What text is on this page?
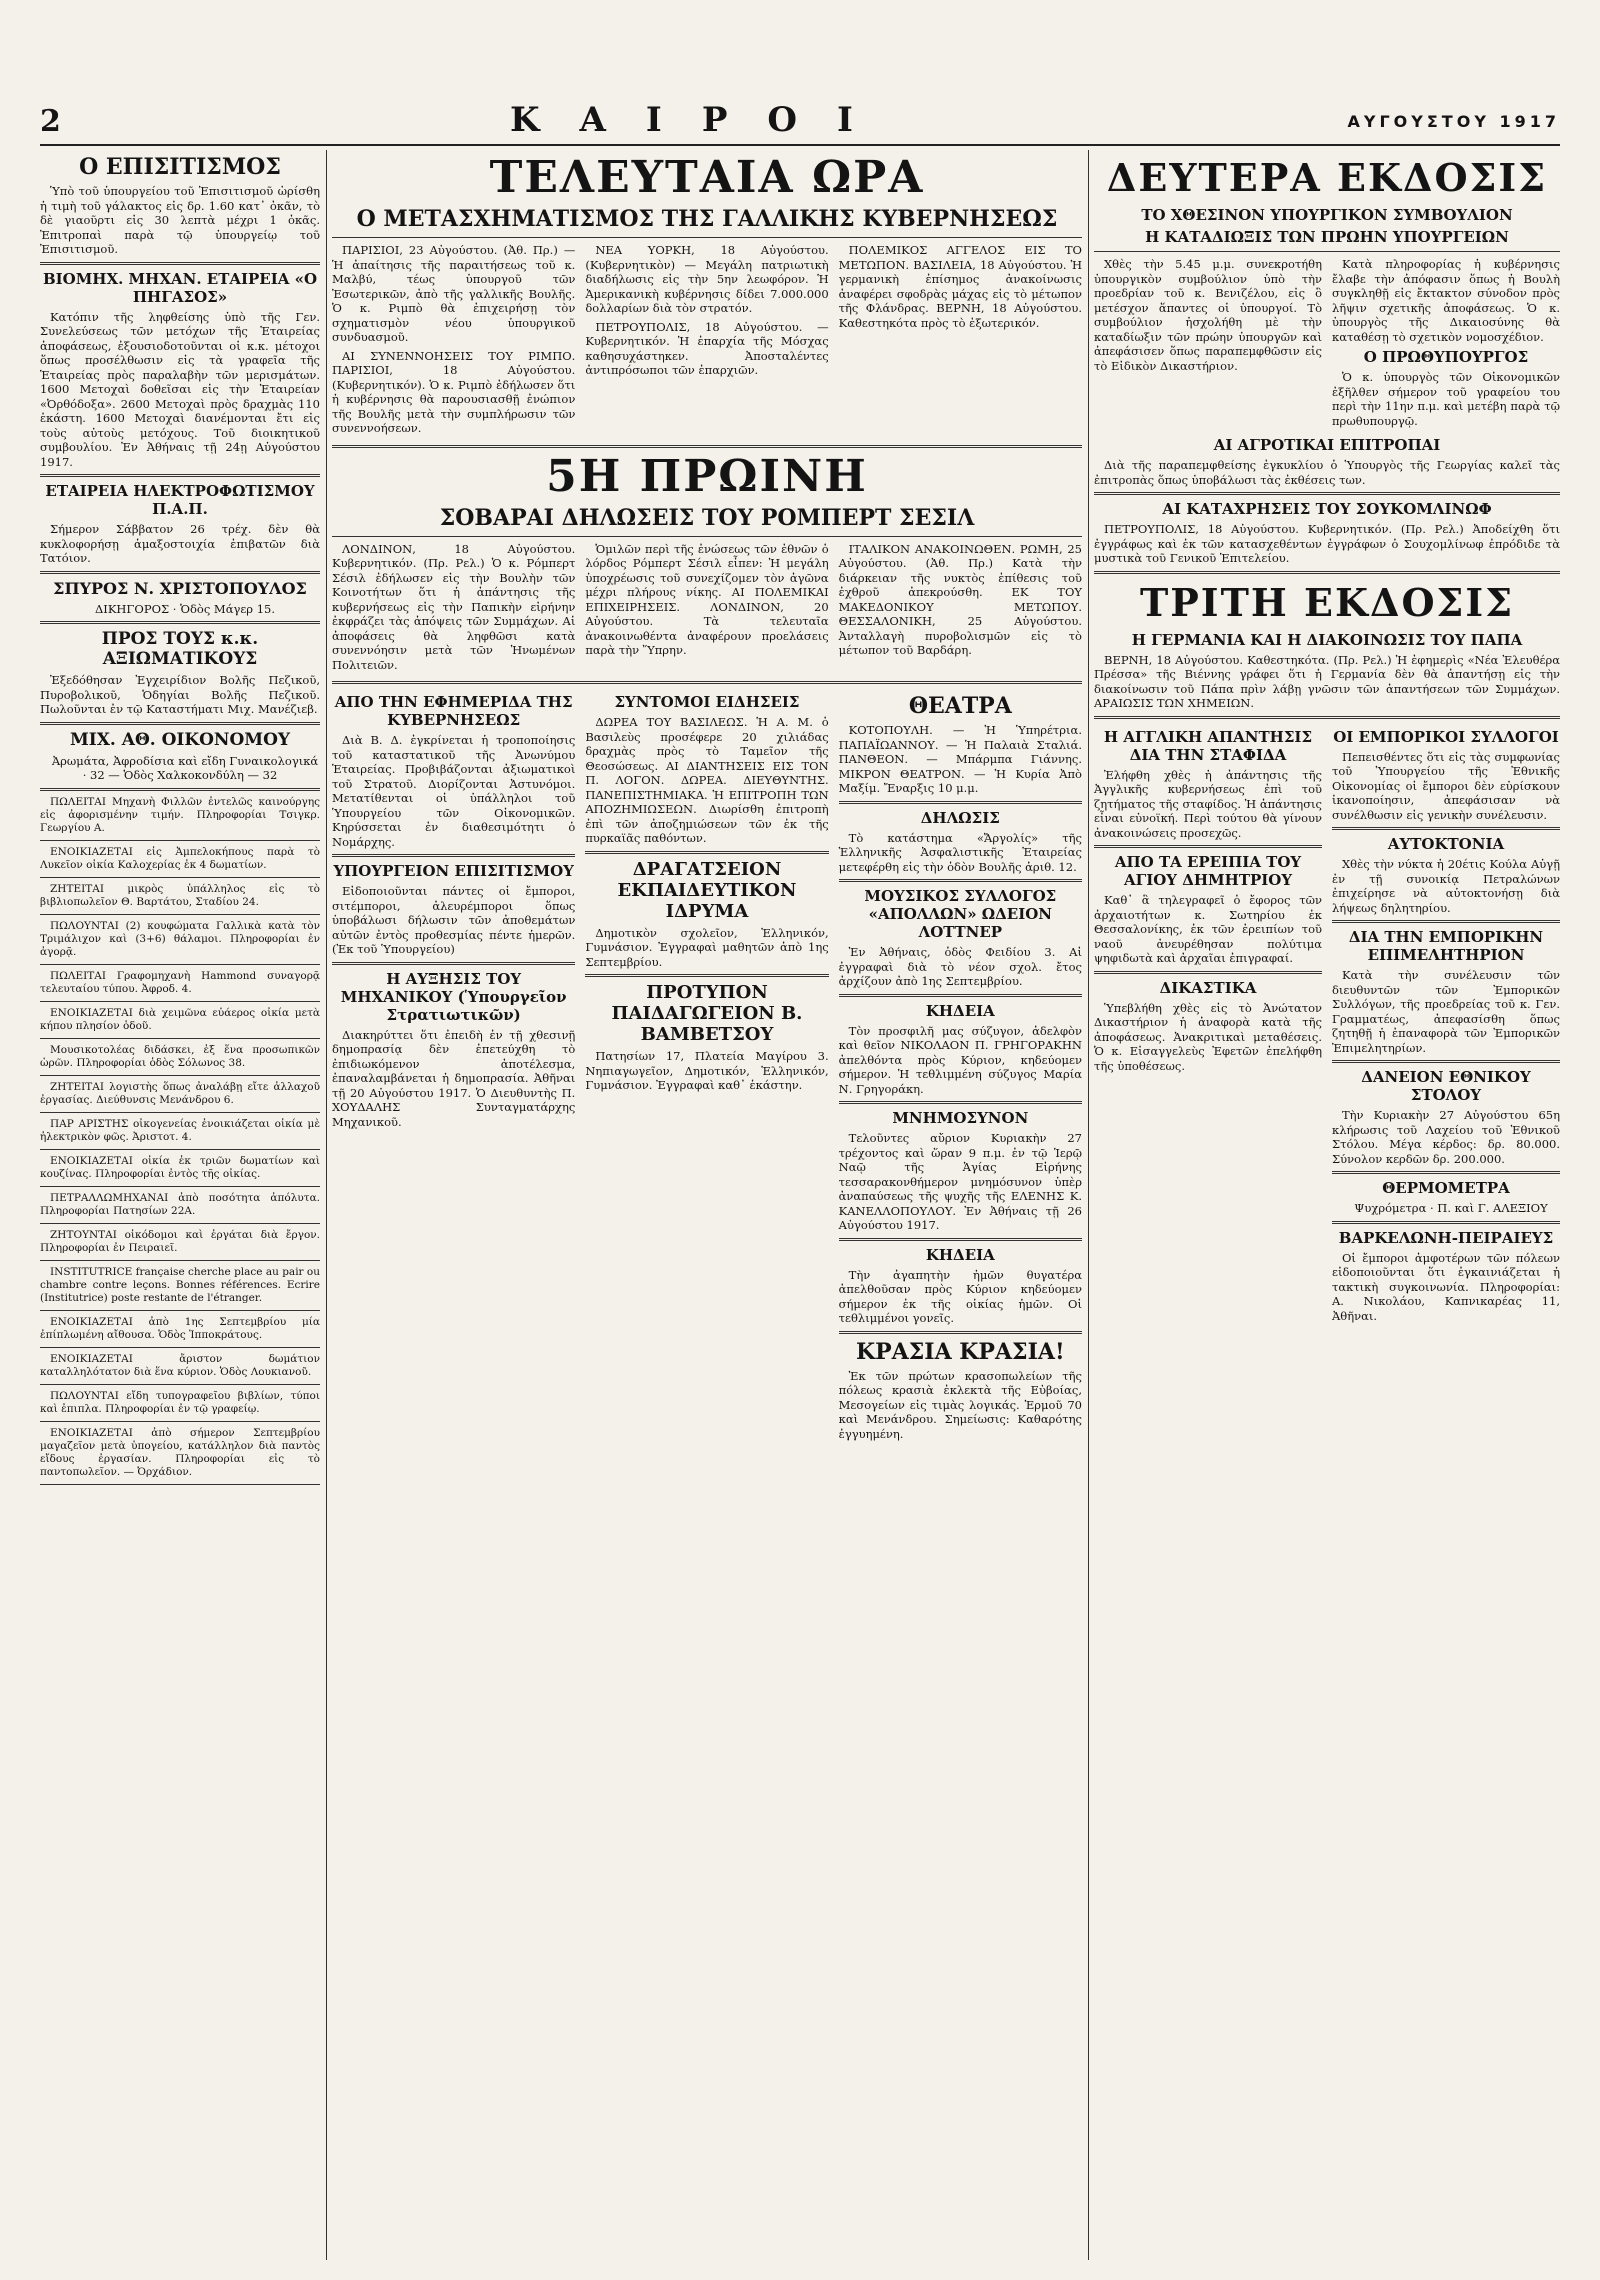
2	ΚΑΙΡΟΙ	ΑΥΓΟΥΣΤΟΥ 1917
Ο ΕΠΙΣΙΤΙΣΜΟΣ

Ὑπὸ τοῦ ὑπουργείου τοῦ Ἐπισιτισμοῦ ὡρίσθη ἡ τιμὴ τοῦ γάλακτος εἰς δρ. 1.60 κατ᾽ ὀκᾶν, τὸ δὲ γιαοῦρτι εἰς 30 λεπτὰ μέχρι 1 ὀκᾶς. Ἐπιτροπαὶ παρὰ τῷ ὑπουργείῳ τοῦ Ἐπισιτισμοῦ.

ΒΙΟΜΗΧ. ΜΗΧΑΝ. ΕΤΑΙΡΕΙΑ «Ο ΠΗΓΑΣΟΣ»

Κατόπιν τῆς ληφθείσης ὑπὸ τῆς Γεν. Συνελεύσεως τῶν μετόχων τῆς Ἑταιρείας ἀποφάσεως, ἐξουσιοδοτοῦνται οἱ κ.κ. μέτοχοι ὅπως προσέλθωσιν εἰς τὰ γραφεῖα τῆς Ἑταιρείας πρὸς παραλαβὴν τῶν μερισμάτων. 1600 Μετοχαὶ δοθεῖσαι εἰς τὴν Ἑταιρείαν «Ὀρθόδοξα». 2600 Μετοχαὶ πρὸς δραχμὰς 110 ἑκάστη. 1600 Μετοχαὶ διανέμονται ἔτι εἰς τοὺς αὐτοὺς μετόχους. Τοῦ διοικητικοῦ συμβουλίου. Ἐν Ἀθήναις τῇ 24ῃ Αὐγούστου 1917.

ΕΤΑΙΡΕΙΑ ΗΛΕΚΤΡΟΦΩΤΙΣΜΟΥ Π.Α.Π.

Σήμερον Σάββατον 26 τρέχ. δὲν θὰ κυκλοφορήσῃ ἁμαξοστοιχία ἐπιβατῶν διὰ Τατόιον.

ΣΠΥΡΟΣ Ν. ΧΡΙΣΤΟΠΟΥΛΟΣ

ΔΙΚΗΓΟΡΟΣ · Ὁδὸς Μάγερ 15.

ΠΡΟΣ ΤΟΥΣ κ.κ. ΑΞΙΩΜΑΤΙΚΟΥΣ

Ἐξεδόθησαν Ἐγχειρίδιον Βολῆς Πεζικοῦ, Πυροβολικοῦ, Ὁδηγίαι Βολῆς Πεζικοῦ. Πωλοῦνται ἐν τῷ Καταστήματι Μιχ. Μανέζιεβ.

ΜΙΧ. ΑΘ. ΟΙΚΟΝΟΜΟΥ

Ἀρωμάτα, Ἀφροδίσια καὶ εἴδη Γυναικολογικά · 32 — Ὁδὸς Χαλκοκονδύλη — 32

ΠΩΛΕΙΤΑΙ Μηχανὴ Φιλλῶν ἐντελῶς καινούργης εἰς ἀφορισμένην τιμήν. Πληροφορίαι Τσιγκρ. Γεωργίου Α.

ΕΝΟΙΚΙΑΖΕΤΑΙ εἰς Ἀμπελοκήπους παρὰ τὸ Λυκεῖον οἰκία Καλοχερίας ἐκ 4 δωματίων.

ΖΗΤΕΙΤΑΙ μικρὸς ὑπάλληλος εἰς τὸ βιβλιοπωλεῖον Θ. Βαρτάτου, Σταδίου 24.

ΠΩΛΟΥΝΤΑΙ (2) κουφώματα Γαλλικὰ κατὰ τὸν Τριμάλιχον καὶ (3+6) θάλαμοι. Πληροφορίαι ἐν ἀγορᾷ.

ΠΩΛΕΙΤΑΙ Γραφομηχανὴ Hammond συναγορᾷ τελευταίου τύπου. Ἀφροδ. 4.

ΕΝΟΙΚΙΑΖΕΤΑΙ διὰ χειμῶνα εὐάερος οἰκία μετὰ κήπου πλησίον ὁδοῦ.

Μουσικοτολέας διδάσκει, ἐξ ἕνα προσωπικῶν ὡρῶν. Πληροφορίαι ὁδὸς Σόλωνος 38.

ΖΗΤΕΙΤΑΙ λογιστὴς ὅπως ἀναλάβῃ εἴτε ἀλλαχοῦ ἐργασίας. Διεύθυνσις Μενάνδρου 6.

ΠΑΡ ΑΡΙΣΤΗΣ οἰκογενείας ἐνοικιάζεται οἰκία μὲ ἠλεκτρικὸν φῶς. Ἀριστοτ. 4.

ΕΝΟΙΚΙΑΖΕΤΑΙ οἰκία ἐκ τριῶν δωματίων καὶ κουζίνας. Πληροφορίαι ἐντὸς τῆς οἰκίας.

ΠΕΤΡΑΛΛΩΜΗΧΑΝΑΙ ἀπὸ ποσότητα ἀπόλυτα. Πληροφορίαι Πατησίων 22Α.

ΖΗΤΟΥΝΤΑΙ οἰκόδομοι καὶ ἐργάται διὰ ἔργον. Πληροφορίαι ἐν Πειραιεῖ.

INSTITUTRICE française cherche place au pair ou chambre contre leçons. Bonnes références. Ecrire (Institutrice) poste restante de l'étranger.

ΕΝΟΙΚΙΑΖΕΤΑΙ ἀπὸ 1ης Σεπτεμβρίου μία ἐπίπλωμένη αἴθουσα. Ὁδὸς Ἱπποκράτους.

ΕΝΟΙΚΙΑΖΕΤΑΙ ἄριστον δωμάτιον καταλληλότατον διὰ ἕνα κύριον. Ὁδὸς Λουκιανοῦ.

ΠΩΛΟΥΝΤΑΙ εἴδη τυπογραφεῖου βιβλίων, τύποι καὶ ἐπιπλα. Πληροφορίαι ἐν τῷ γραφείῳ.

ΕΝΟΙΚΙΑΖΕΤΑΙ ἀπὸ σήμερον Σεπτεμβρίου μαγαζεῖον μετὰ ὑπογείου, κατάλληλον διὰ παντὸς εἴδους ἐργασίαν. Πληροφορίαι εἰς τὸ παντοπωλεῖον. — Ὀρχάδιον.

ΤΕΛΕΥΤΑΙΑ ΩΡΑ
Ο ΜΕΤΑΣΧΗΜΑΤΙΣΜΟΣ ΤΗΣ ΓΑΛΛΙΚΗΣ ΚΥΒΕΡΝΗΣΕΩΣ

ΠΑΡΙΣΙΟΙ, 23 Αὐγούστου. (Ἀθ. Πρ.) — Ἡ ἀπαίτησις τῆς παραιτήσεως τοῦ κ. Μαλβύ, τέως ὑπουργοῦ τῶν Ἐσωτερικῶν, ἀπὸ τῆς γαλλικῆς Βουλῆς. Ὁ κ. Ριμπὸ θὰ ἐπιχειρήσῃ τὸν σχηματισμὸν νέου ὑπουργικοῦ συνδυασμοῦ.

ΑΙ ΣΥΝΕΝΝΟΗΣΕΙΣ ΤΟΥ ΡΙΜΠΟ. ΠΑΡΙΣΙΟΙ, 18 Αὐγούστου. (Κυβερνητικόν). Ὁ κ. Ριμπὸ ἐδήλωσεν ὅτι ἡ κυβέρνησις θὰ παρουσιασθῇ ἐνώπιον τῆς Βουλῆς μετὰ τὴν συμπλήρωσιν τῶν συνεννοήσεων.

ΝΕΑ ΥΟΡΚΗ, 18 Αὐγούστου. (Κυβερνητικὸν) — Μεγάλη πατριωτικὴ διαδήλωσις εἰς τὴν 5ην λεωφόρον. Ἡ Ἀμερικανικὴ κυβέρνησις δίδει 7.000.000 δολλαρίων διὰ τὸν στρατόν.

ΠΕΤΡΟΥΠΟΛΙΣ, 18 Αὐγούστου. — Κυβερνητικόν. Ἡ ἐπαρχία τῆς Μόσχας καθησυχάστηκεν. Ἀποσταλέντες ἀντιπρόσωποι τῶν ἐπαρχιῶν.

ΠΟΛΕΜΙΚΟΣ ΑΓΓΕΛΟΣ ΕΙΣ ΤΟ ΜΕΤΩΠΟΝ. ΒΑΣΙΛΕΙΑ, 18 Αὐγούστου. Ἡ γερμανικὴ ἐπίσημος ἀνακοίνωσις ἀναφέρει σφοδρὰς μάχας εἰς τὸ μέτωπον τῆς Φλάνδρας. ΒΕΡΝΗ, 18 Αὐγούστου. Καθεστηκότα πρὸς τὸ ἐξωτερικόν.

5Η ΠΡΩΙΝΗ
ΣΟΒΑΡΑΙ ΔΗΛΩΣΕΙΣ ΤΟΥ ΡΟΜΠΕΡΤ ΣΕΣΙΛ

ΛΟΝΔΙΝΟΝ, 18 Αὐγούστου. Κυβερνητικόν. (Πρ. Ρελ.) Ὁ κ. Ρόμπερτ Σέσιλ ἐδήλωσεν εἰς τὴν Βουλὴν τῶν Κοινοτήτων ὅτι ἡ ἀπάντησις τῆς κυβερνήσεως εἰς τὴν Παπικὴν εἰρήνην ἐκφράζει τὰς ἀπόψεις τῶν Συμμάχων. Αἱ ἀποφάσεις θὰ ληφθῶσι κατὰ συνεννόησιν μετὰ τῶν Ἡνωμένων Πολιτειῶν.

Ὁμιλῶν περὶ τῆς ἐνώσεως τῶν ἐθνῶν ὁ λόρδος Ρόμπερτ Σέσιλ εἶπεν: Ἡ μεγάλη ὑποχρέωσις τοῦ συνεχίζομεν τὸν ἀγῶνα μέχρι πλήρους νίκης. ΑΙ ΠΟΛΕΜΙΚΑΙ ΕΠΙΧΕΙΡΗΣΕΙΣ. ΛΟΝΔΙΝΟΝ, 20 Αὐγούστου. Τὰ τελευταῖα ἀνακοινωθέντα ἀναφέρουν προελάσεις παρὰ τὴν Ὕπρην.

ΙΤΑΛΙΚΟΝ ΑΝΑΚΟΙΝΩΘΕΝ. ΡΩΜΗ, 25 Αὐγούστου. (Ἀθ. Πρ.) Κατὰ τὴν διάρκειαν τῆς νυκτὸς ἐπίθεσις τοῦ ἐχθροῦ ἀπεκρούσθη. ΕΚ ΤΟΥ ΜΑΚΕΔΟΝΙΚΟΥ ΜΕΤΩΠΟΥ. ΘΕΣΣΑΛΟΝΙΚΗ, 25 Αὐγούστου. Ἀνταλλαγὴ πυροβολισμῶν εἰς τὸ μέτωπον τοῦ Βαρδάρη.

ΑΠΟ ΤΗΝ ΕΦΗΜΕΡΙΔΑ ΤΗΣ ΚΥΒΕΡΝΗΣΕΩΣ

Διὰ Β. Δ. ἐγκρίνεται ἡ τροποποίησις τοῦ καταστατικοῦ τῆς Ἀνωνύμου Ἑταιρείας. Προβιβάζονται ἀξιωματικοὶ τοῦ Στρατοῦ. Διορίζονται Ἀστυνόμοι. Μετατίθενται οἱ ὑπάλληλοι τοῦ Ὑπουργείου τῶν Οἰκονομικῶν. Κηρύσσεται ἐν διαθεσιμότητι ὁ Νομάρχης.

ΥΠΟΥΡΓΕΙΟΝ ΕΠΙΣΙΤΙΣΜΟΥ

Εἰδοποιοῦνται πάντες οἱ ἔμποροι, σιτέμποροι, ἀλευρέμποροι ὅπως ὑποβάλωσι δήλωσιν τῶν ἀποθεμάτων αὐτῶν ἐντὸς προθεσμίας πέντε ἡμερῶν. (Ἐκ τοῦ Ὑπουργείου)

Η ΑΥΞΗΣΙΣ ΤΟΥ ΜΗΧΑΝΙΚΟΥ (Ὑπουργεῖον Στρατιωτικῶν)

Διακηρύττει ὅτι ἐπειδὴ ἐν τῇ χθεσινῇ δημοπρασίᾳ δὲν ἐπετεύχθη τὸ ἐπιδιωκόμενον ἀποτέλεσμα, ἐπαναλαμβάνεται ἡ δημοπρασία. Ἀθῆναι τῇ 20 Αὐγούστου 1917. Ὁ Διευθυντὴς Π. ΧΟΥΔΑΛΗΣ Συνταγματάρχης Μηχανικοῦ.

ΣΥΝΤΟΜΟΙ ΕΙΔΗΣΕΙΣ

ΔΩΡΕΑ ΤΟΥ ΒΑΣΙΛΕΩΣ. Ἡ Α. Μ. ὁ Βασιλεὺς προσέφερε 20 χιλιάδας δραχμὰς πρὸς τὸ Ταμεῖον τῆς Θεοσώσεως. ΑΙ ΔΙΑΝΤΗΣΕΙΣ ΕΙΣ ΤΟΝ Π. ΛΟΓΟΝ. ΔΩΡΕΑ. ΔΙΕΥΘΥΝΤΗΣ. ΠΑΝΕΠΙΣΤΗΜΙΑΚΑ. Ἡ ΕΠΙΤΡΟΠΗ ΤΩΝ ΑΠΟΖΗΜΙΩΣΕΩΝ. Διωρίσθη ἐπιτροπὴ ἐπὶ τῶν ἀποζημιώσεων τῶν ἐκ τῆς πυρκαϊᾶς παθόντων.

ΔΡΑΓΑΤΣΕΙΟΝ ΕΚΠΑΙΔΕΥΤΙΚΟΝ ΙΔΡΥΜΑ

Δημοτικὸν σχολεῖον, Ἑλληνικόν, Γυμνάσιον. Ἐγγραφαὶ μαθητῶν ἀπὸ 1ης Σεπτεμβρίου.

ΠΡΟΤΥΠΟΝ ΠΑΙΔΑΓΩΓΕΙΟΝ Β. ΒΑΜΒΕΤΣΟΥ

Πατησίων 17, Πλατεία Μαγίρου 3. Νηπιαγωγεῖον, Δημοτικόν, Ἑλληνικόν, Γυμνάσιον. Ἐγγραφαὶ καθ᾽ ἑκάστην.

ΘΕΑΤΡΑ

ΚΟΤΟΠΟΥΛΗ. — Ἡ Ὑπηρέτρια. ΠΑΠΑΪΩΑΝΝΟΥ. — Ἡ Παλαιὰ Σταλιά. ΠΑΝΘΕΟΝ. — Μπάρμπα Γιάννης. ΜΙΚΡΟΝ ΘΕΑΤΡΟΝ. — Ἡ Κυρία Ἀπὸ Μαξίμ. Ἔναρξις 10 μ.μ.

ΔΗΛΩΣΙΣ

Τὸ κατάστημα «Ἄργολίς» τῆς Ἑλληνικῆς Ἀσφαλιστικῆς Ἑταιρείας μετεφέρθη εἰς τὴν ὁδὸν Βουλῆς ἀριθ. 12.

ΜΟΥΣΙΚΟΣ ΣΥΛΛΟΓΟΣ «ΑΠΟΛΛΩΝ» ΩΔΕΙΟΝ ΛΟΤΤΝΕΡ

Ἐν Ἀθήναις, ὁδὸς Φειδίου 3. Αἱ ἐγγραφαὶ διὰ τὸ νέον σχολ. ἔτος ἀρχίζουν ἀπὸ 1ης Σεπτεμβρίου.

ΚΗΔΕΙΑ

Τὸν προσφιλῆ μας σύζυγον, ἀδελφὸν καὶ θεῖον ΝΙΚΟΛΑΟΝ Π. ΓΡΗΓΟΡΑΚΗΝ ἀπελθόντα πρὸς Κύριον, κηδεύομεν σήμερον. Ἡ τεθλιμμένη σύζυγος Μαρία Ν. Γρηγοράκη.

ΜΝΗΜΟΣΥΝΟΝ

Τελοῦντες αὔριον Κυριακὴν 27 τρέχοντος καὶ ὥραν 9 π.μ. ἐν τῷ Ἱερῷ Ναῷ τῆς Ἁγίας Εἰρήνης τεσσαρακονθήμερον μνημόσυνον ὑπὲρ ἀναπαύσεως τῆς ψυχῆς τῆς ΕΛΕΝΗΣ Κ. ΚΑΝΕΛΛΟΠΟΥΛΟΥ. Ἐν Ἀθήναις τῇ 26 Αὐγούστου 1917.

ΚΗΔΕΙΑ

Τὴν ἀγαπητὴν ἡμῶν θυγατέρα ἀπελθοῦσαν πρὸς Κύριον κηδεύομεν σήμερον ἐκ τῆς οἰκίας ἡμῶν. Οἱ τεθλιμμένοι γονεῖς.

ΚΡΑΣΙΑ ΚΡΑΣΙΑ!

Ἐκ τῶν πρώτων κρασοπωλείων τῆς πόλεως κρασιὰ ἐκλεκτὰ τῆς Εὐβοίας, Μεσογείων εἰς τιμὰς λογικάς. Ἑρμοῦ 70 καὶ Μενάνδρου. Σημείωσις: Καθαρότης ἐγγυημένη.

ΔΕΥΤΕΡΑ ΕΚΔΟΣΙΣ
ΤΟ ΧΘΕΣΙΝΟΝ ΥΠΟΥΡΓΙΚΟΝ ΣΥΜΒΟΥΛΙΟΝ
Η ΚΑΤΑΔΙΩΞΙΣ ΤΩΝ ΠΡΩΗΝ ΥΠΟΥΡΓΕΙΩΝ

Χθὲς τὴν 5.45 μ.μ. συνεκροτήθη ὑπουργικὸν συμβούλιον ὑπὸ τὴν προεδρίαν τοῦ κ. Βενιζέλου, εἰς ὃ μετέσχον ἅπαντες οἱ ὑπουργοί. Τὸ συμβούλιον ἠσχολήθη μὲ τὴν καταδίωξιν τῶν πρώην ὑπουργῶν καὶ ἀπεφάσισεν ὅπως παραπεμφθῶσιν εἰς τὸ Εἰδικὸν Δικαστήριον.

Κατὰ πληροφορίας ἡ κυβέρνησις ἔλαβε τὴν ἀπόφασιν ὅπως ἡ Βουλὴ συγκληθῇ εἰς ἔκτακτον σύνοδον πρὸς λῆψιν σχετικῆς ἀποφάσεως. Ὁ κ. ὑπουργὸς τῆς Δικαιοσύνης θὰ καταθέσῃ τὸ σχετικὸν νομοσχέδιον.

Ο ΠΡΩΘΥΠΟΥΡΓΟΣ

Ὁ κ. ὑπουργὸς τῶν Οἰκονομικῶν ἐξῆλθεν σήμερον τοῦ γραφείου του περὶ τὴν 11ην π.μ. καὶ μετέβη παρὰ τῷ πρωθυπουργῷ.

ΑΙ ΑΓΡΟΤΙΚΑΙ ΕΠΙΤΡΟΠΑΙ

Διὰ τῆς παραπεμφθείσης ἐγκυκλίου ὁ Ὑπουργὸς τῆς Γεωργίας καλεῖ τὰς ἐπιτροπὰς ὅπως ὑποβάλωσι τὰς ἐκθέσεις των.

ΑΙ ΚΑΤΑΧΡΗΣΕΙΣ ΤΟΥ ΣΟΥΚΟΜΛΙΝΩΦ

ΠΕΤΡΟΥΠΟΛΙΣ, 18 Αὐγούστου. Κυβερνητικόν. (Πρ. Ρελ.) Ἀποδείχθη ὅτι ἐγγράφως καὶ ἐκ τῶν κατασχεθέντων ἐγγράφων ὁ Σουχομλίνωφ ἐπρόδιδε τὰ μυστικὰ τοῦ Γενικοῦ Ἐπιτελείου.

ΤΡΙΤΗ ΕΚΔΟΣΙΣ
Η ΓΕΡΜΑΝΙΑ ΚΑΙ Η ΔΙΑΚΟΙΝΩΣΙΣ ΤΟΥ ΠΑΠΑ

ΒΕΡΝΗ, 18 Αὐγούστου. Καθεστηκότα. (Πρ. Ρελ.) Ἡ ἐφημερὶς «Νέα Ἐλευθέρα Πρέσσα» τῆς Βιέννης γράφει ὅτι ἡ Γερμανία δὲν θὰ ἀπαντήσῃ εἰς τὴν διακοίνωσιν τοῦ Πάπα πρὶν λάβῃ γνῶσιν τῶν ἀπαντήσεων τῶν Συμμάχων. ΑΡΑΙΩΣΙΣ ΤΩΝ ΧΗΜΕΙΩΝ.

Η ΑΓΓΛΙΚΗ ΑΠΑΝΤΗΣΙΣ ΔΙΑ ΤΗΝ ΣΤΑΦΙΔΑ

Ἐλήφθη χθὲς ἡ ἀπάντησις τῆς Ἀγγλικῆς κυβερνήσεως ἐπὶ τοῦ ζητήματος τῆς σταφίδος. Ἡ ἀπάντησις εἶναι εὐνοϊκή. Περὶ τούτου θὰ γίνουν ἀνακοινώσεις προσεχῶς.

ΑΠΟ ΤΑ ΕΡΕΙΠΙΑ ΤΟΥ ΑΓΙΟΥ ΔΗΜΗΤΡΙΟΥ

Καθ᾽ ἃ τηλεγραφεῖ ὁ ἔφορος τῶν ἀρχαιοτήτων κ. Σωτηρίου ἐκ Θεσσαλονίκης, ἐκ τῶν ἐρειπίων τοῦ ναοῦ ἀνευρέθησαν πολύτιμα ψηφιδωτὰ καὶ ἀρχαῖαι ἐπιγραφαί.

ΔΙΚΑΣΤΙΚΑ

Ὑπεβλήθη χθὲς εἰς τὸ Ἀνώτατον Δικαστήριον ἡ ἀναφορὰ κατὰ τῆς ἀποφάσεως. Ἀνακριτικαὶ μεταθέσεις. Ὁ κ. Εἰσαγγελεὺς Ἐφετῶν ἐπελήφθη τῆς ὑποθέσεως.

ΟΙ ΕΜΠΟΡΙΚΟΙ ΣΥΛΛΟΓΟΙ

Πεπεισθέντες ὅτι εἰς τὰς συμφωνίας τοῦ Ὑπουργείου τῆς Ἐθνικῆς Οἰκονομίας οἱ ἔμποροι δὲν εὑρίσκουν ἱκανοποίησιν, ἀπεφάσισαν νὰ συνέλθωσιν εἰς γενικὴν συνέλευσιν.

ΑΥΤΟΚΤΟΝΙΑ

Χθὲς τὴν νύκτα ἡ 20έτις Κούλα Αὐγῇ ἐν τῇ συνοικίᾳ Πετραλώνων ἐπιχείρησε νὰ αὐτοκτονήσῃ διὰ λήψεως δηλητηρίου.

ΔΙΑ ΤΗΝ ΕΜΠΟΡΙΚΗΝ ΕΠΙΜΕΛΗΤΗΡΙΟΝ

Κατὰ τὴν συνέλευσιν τῶν διευθυντῶν τῶν Ἐμπορικῶν Συλλόγων, τῆς προεδρείας τοῦ κ. Γεν. Γραμματέως, ἀπεφασίσθη ὅπως ζητηθῇ ἡ ἐπαναφορὰ τῶν Ἐμπορικῶν Ἐπιμελητηρίων.

ΔΑΝΕΙΟΝ ΕΘΝΙΚΟΥ ΣΤΟΛΟΥ

Τὴν Κυριακὴν 27 Αὐγούστου 65η κλήρωσις τοῦ Λαχείου τοῦ Ἐθνικοῦ Στόλου. Μέγα κέρδος: δρ. 80.000. Σύνολον κερδῶν δρ. 200.000.

ΘΕΡΜΟΜΕΤΡΑ

Ψυχρόμετρα · Π. καὶ Γ. ΑΛΕΞΙΟΥ

ΒΑΡΚΕΛΩΝΗ-ΠΕΙΡΑΙΕΥΣ

Οἱ ἔμποροι ἀμφοτέρων τῶν πόλεων εἰδοποιοῦνται ὅτι ἐγκαινιάζεται ἡ τακτικὴ συγκοινωνία. Πληροφορίαι: Α. Νικολάου, Καπνικαρέας 11, Ἀθῆναι.
